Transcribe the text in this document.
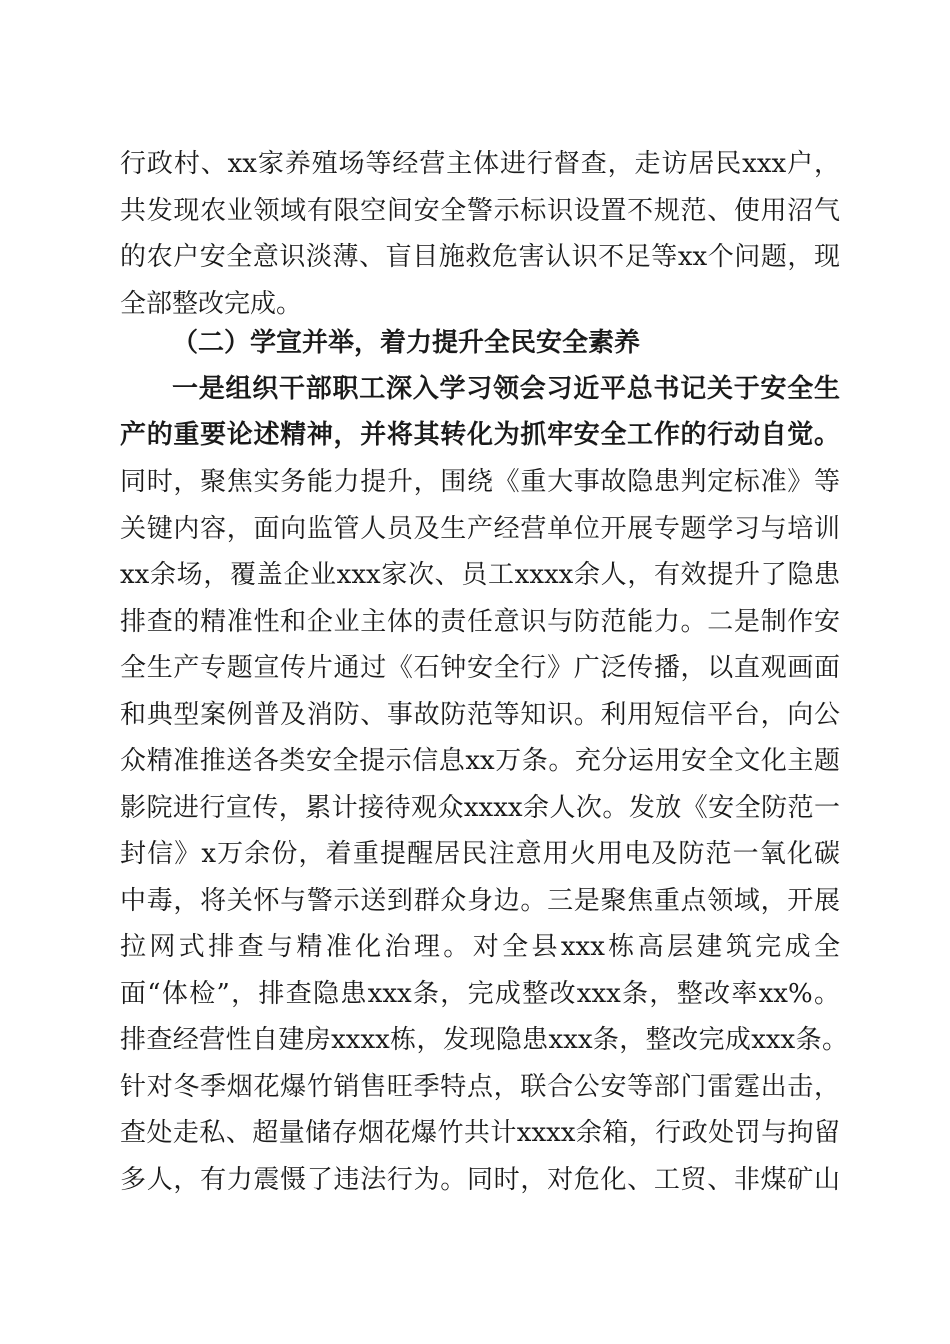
行政村、xx家养殖场等经营主体进行督查，走访居民xxx户，
共发现农业领域有限空间安全警示标识设置不规范、使用沼气
的农户安全意识淡薄、盲目施救危害认识不足等xx个问题，现
全部整改完成。
（二）学宣并举，着力提升全民安全素养
一是组织干部职工深入学习领会习近平总书记关于安全生
产的重要论述精神，并将其转化为抓牢安全工作的行动自觉。
同时，聚焦实务能力提升，围绕《重大事故隐患判定标准》等
关键内容，面向监管人员及生产经营单位开展专题学习与培训
xx余场，覆盖企业xxx家次、员工xxxx余人，有效提升了隐患
排查的精准性和企业主体的责任意识与防范能力。二是制作安
全生产专题宣传片通过《石钟安全行》广泛传播，以直观画面
和典型案例普及消防、事故防范等知识。利用短信平台，向公
众精准推送各类安全提示信息xx万条。充分运用安全文化主题
影院进行宣传，累计接待观众xxxx余人次。发放《安全防范一
封信》x万余份，着重提醒居民注意用火用电及防范一氧化碳
中毒，将关怀与警示送到群众身边。三是聚焦重点领域，开展
拉网式排查与精准化治理。对全县xxx栋高层建筑完成全
面“体检”，排查隐患xxx条，完成整改xxx条，整改率xx%。
排查经营性自建房xxxx栋，发现隐患xxx条，整改完成xxx条。
针对冬季烟花爆竹销售旺季特点，联合公安等部门雷霆出击，
查处走私、超量储存烟花爆竹共计xxxx余箱，行政处罚与拘留
多人，有力震慑了违法行为。同时，对危化、工贸、非煤矿山
